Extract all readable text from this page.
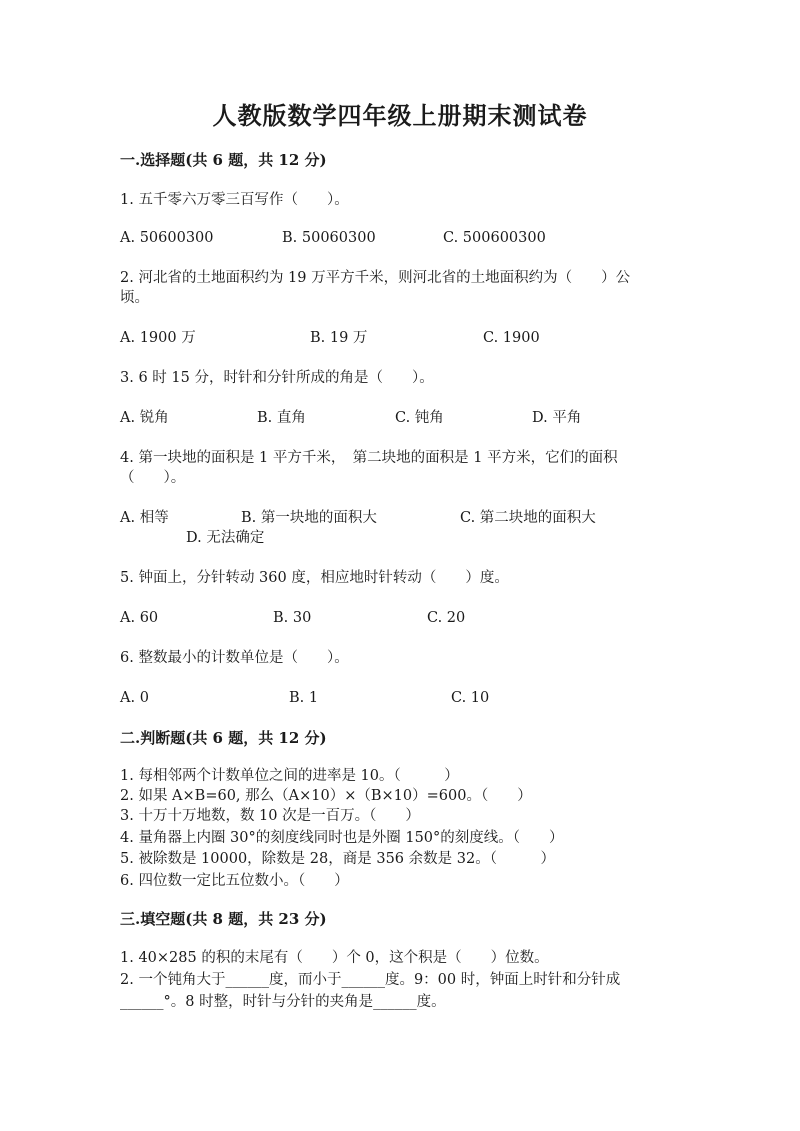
人教版数学四年级上册期末测试卷
一.选择题(共 6 题，共 12 分)
1. 五千零六万零三百写作（　　）。
A. 50600300	B. 50060300	C. 500600300
2. 河北省的土地面积约为 19 万平方千米，则河北省的土地面积约为（　　）公
顷。
A. 1900 万	B. 19 万	C. 1900
3. 6 时 15 分，时针和分针所成的角是（　　）。
A. 锐角	B. 直角	C. 钝角	D. 平角
4. 第一块地的面积是 1 平方千米，　第二块地的面积是 1 平方米，它们的面积
（　　）。
A. 相等	B. 第一块地的面积大	C. 第二块地的面积大
D. 无法确定
5. 钟面上，分针转动 360 度，相应地时针转动（　　）度。
A. 60	B. 30	C. 20
6. 整数最小的计数单位是（　　）。
A. 0	B. 1	C. 10
二.判断题(共 6 题，共 12 分)
1. 每相邻两个计数单位之间的进率是 10。（　　　）
2. 如果 A×B=60, 那么（A×10）×（B×10）=600。（　　）
3. 十万十万地数，数 10 次是一百万。（　　）
4. 量角器上内圈 30°的刻度线同时也是外圈 150°的刻度线。（　　）
5. 被除数是 10000，除数是 28，商是 356 余数是 32。（　　　）
6. 四位数一定比五位数小。（　　）
三.填空题(共 8 题，共 23 分)
1. 40×285 的积的末尾有（　　）个 0，这个积是（　　）位数。
2. 一个钝角大于______度，而小于______度。9：00 时，钟面上时针和分针成
______°。8 时整，时针与分针的夹角是______度。
